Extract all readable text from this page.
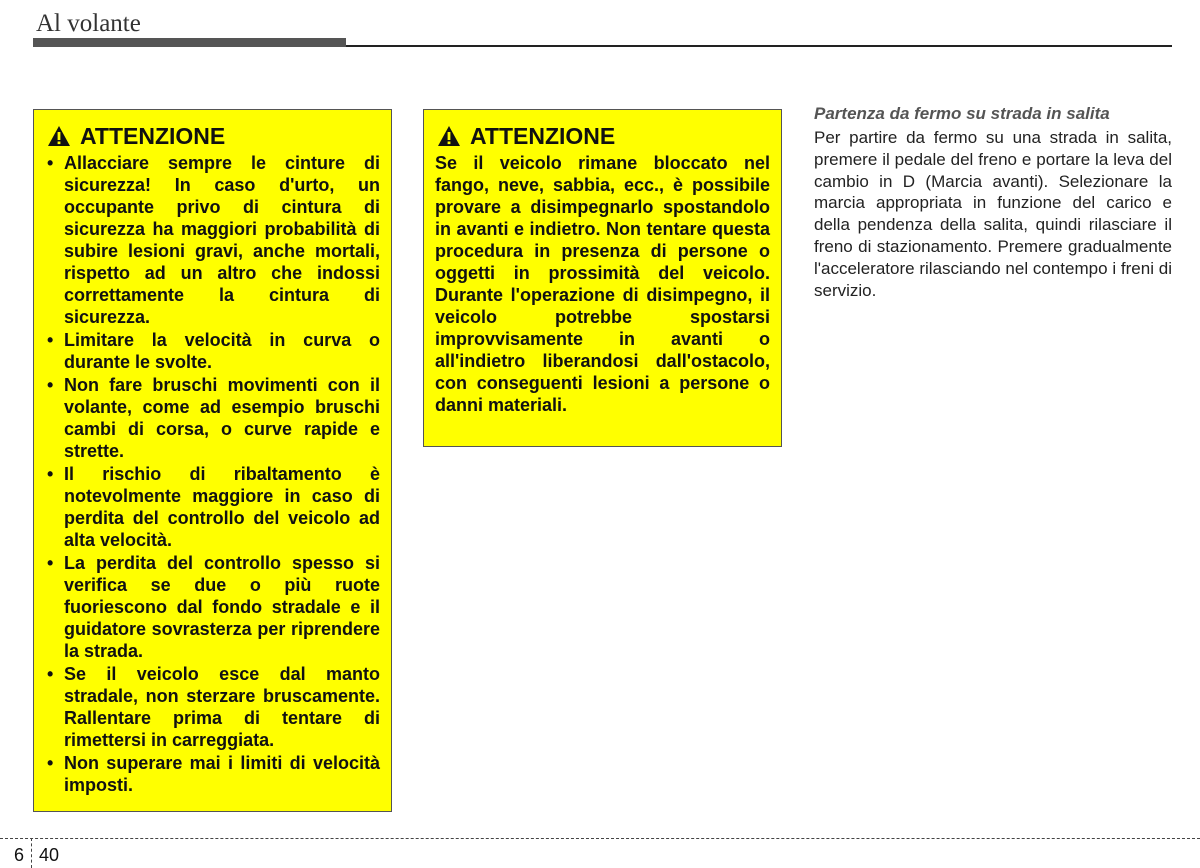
Al volante
ATTENZIONE
• Allacciare sempre le cinture di sicurezza! In caso d'urto, un occupante privo di cintura di sicurezza ha maggiori probabilità di subire lesioni gravi, anche mortali, rispetto ad un altro che indossi correttamente la cintura di sicurezza.
• Limitare la velocità in curva o durante le svolte.
• Non fare bruschi movimenti con il volante, come ad esempio bruschi cambi di corsa, o curve rapide e strette.
• Il rischio di ribaltamento è notevolmente maggiore in caso di perdita del controllo del veicolo ad alta velocità.
• La perdita del controllo spesso si verifica se due o più ruote fuoriescono dal fondo stradale e il guidatore sovrasterza per riprendere la strada.
• Se il veicolo esce dal manto stradale, non sterzare bruscamente. Rallentare prima di tentare di rimettersi in carreggiata.
• Non superare mai i limiti di velocità imposti.
ATTENZIONE

Se il veicolo rimane bloccato nel fango, neve, sabbia, ecc., è possibile provare a disimpegnarlo spostandolo in avanti e indietro. Non tentare questa procedura in presenza di persone o oggetti in prossimità del veicolo. Durante l'operazione di disimpegno, il veicolo potrebbe spostarsi improvvisamente in avanti o all'indietro liberandosi dall'ostacolo, con conseguenti lesioni a persone o danni materiali.

Partenza da fermo su strada in salita

Per partire da fermo su una strada in salita, premere il pedale del freno e portare la leva del cambio in D (Marcia avanti). Selezionare la marcia appropriata in funzione del carico e della pendenza della salita, quindi rilasciare il freno di stazionamento. Premere gradualmente l'acceleratore rilasciando nel contempo i freni di servizio.

6 40
